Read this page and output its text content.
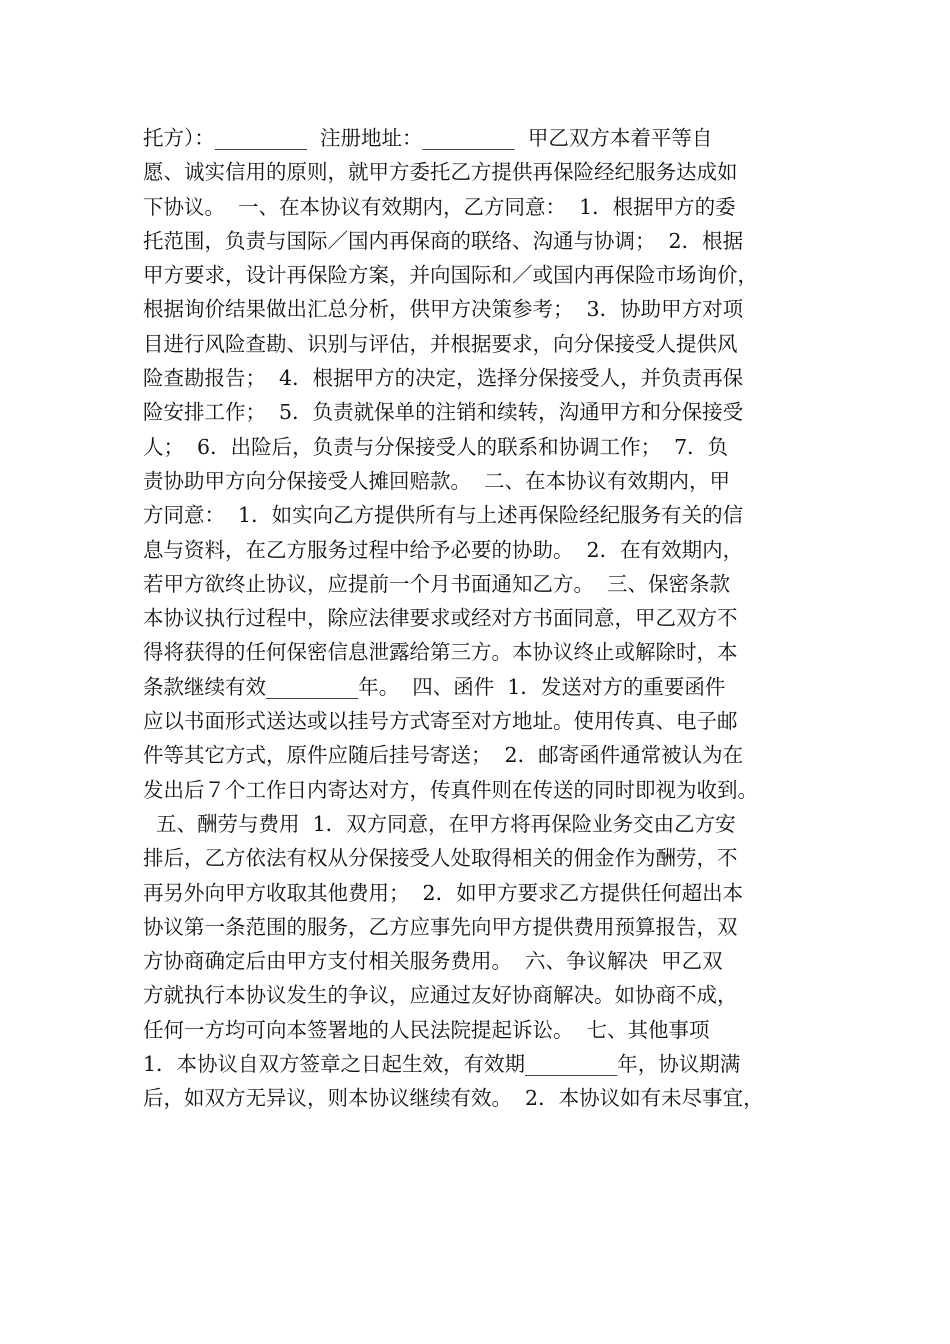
托方）：_________  注册地址：_________  甲乙双方本着平等自
愿、诚实信用的原则，就甲方委托乙方提供再保险经纪服务达成如
下协议。  一、在本协议有效期内，乙方同意：  1．根据甲方的委
托范围，负责与国际／国内再保商的联络、沟通与协调；  2．根据
甲方要求，设计再保险方案，并向国际和／或国内再保险市场询价，
根据询价结果做出汇总分析，供甲方决策参考；  3．协助甲方对项
目进行风险查勘、识别与评估，并根据要求，向分保接受人提供风
险查勘报告；  4．根据甲方的决定，选择分保接受人，并负责再保
险安排工作；  5．负责就保单的注销和续转，沟通甲方和分保接受
人；  6．出险后，负责与分保接受人的联系和协调工作；  7．负
责协助甲方向分保接受人摊回赔款。  二、在本协议有效期内，甲
方同意：  1．如实向乙方提供所有与上述再保险经纪服务有关的信
息与资料，在乙方服务过程中给予必要的协助。  2．在有效期内，
若甲方欲终止协议，应提前一个月书面通知乙方。  三、保密条款
本协议执行过程中，除应法律要求或经对方书面同意，甲乙双方不
得将获得的任何保密信息泄露给第三方。本协议终止或解除时，本
条款继续有效_________年。  四、函件  1．发送对方的重要函件
应以书面形式送达或以挂号方式寄至对方地址。使用传真、电子邮
件等其它方式，原件应随后挂号寄送；  2．邮寄函件通常被认为在
发出后７个工作日内寄达对方，传真件则在传送的同时即视为收到。
五、酬劳与费用  1．双方同意，在甲方将再保险业务交由乙方安
排后，乙方依法有权从分保接受人处取得相关的佣金作为酬劳，不
再另外向甲方收取其他费用；  2．如甲方要求乙方提供任何超出本
协议第一条范围的服务，乙方应事先向甲方提供费用预算报告，双
方协商确定后由甲方支付相关服务费用。  六、争议解决  甲乙双
方就执行本协议发生的争议，应通过友好协商解决。如协商不成，
任何一方均可向本签署地的人民法院提起诉讼。  七、其他事项
1．本协议自双方签章之日起生效，有效期_________年，协议期满
后，如双方无异议，则本协议继续有效。  2．本协议如有未尽事宜，
